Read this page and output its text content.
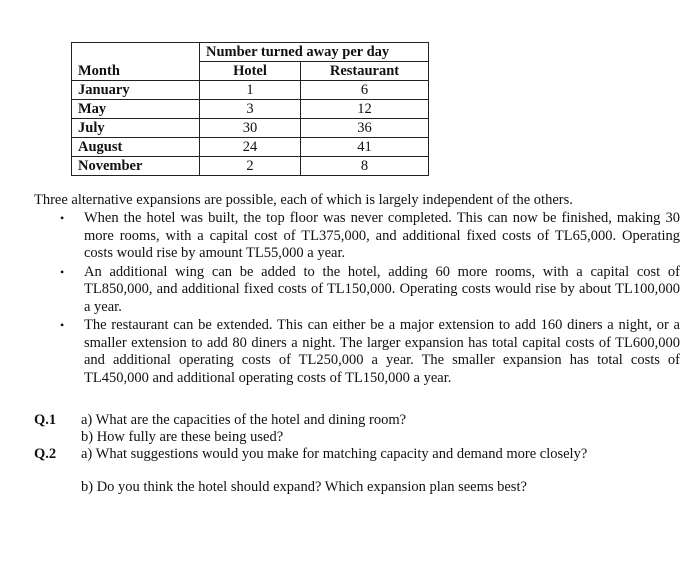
	Number turned away per day	
Month	Hotel	Restaurant
January	1	6
May	3	12
July	30	36
August	24	41
November	2	8
Three alternative expansions are possible, each of which is largely independent of the others.
• When the hotel was built, the top floor was never completed. This can now be finished, making 30 more rooms, with a capital cost of TL375,000, and additional fixed costs of TL65,000. Operating costs would rise by amount TL55,000 a year.
• An additional wing can be added to the hotel, adding 60 more rooms, with a capital cost of TL850,000, and additional fixed costs of TL150,000. Operating costs would rise by about TL100,000 a year.
• The restaurant can be extended. This can either be a major extension to add 160 diners a night, or a smaller extension to add 80 diners a night. The larger expansion has total capital costs of TL600,000 and additional operating costs of TL250,000 a year. The smaller expansion has total costs of TL450,000 and additional operating costs of TL150,000 a year.
Q.1	a) What are the capacities of the hotel and dining room?
b) How fully are these being used?
Q.2	a) What suggestions would you make for matching capacity and demand more closely?
b) Do you think the hotel should expand? Which expansion plan seems best?
